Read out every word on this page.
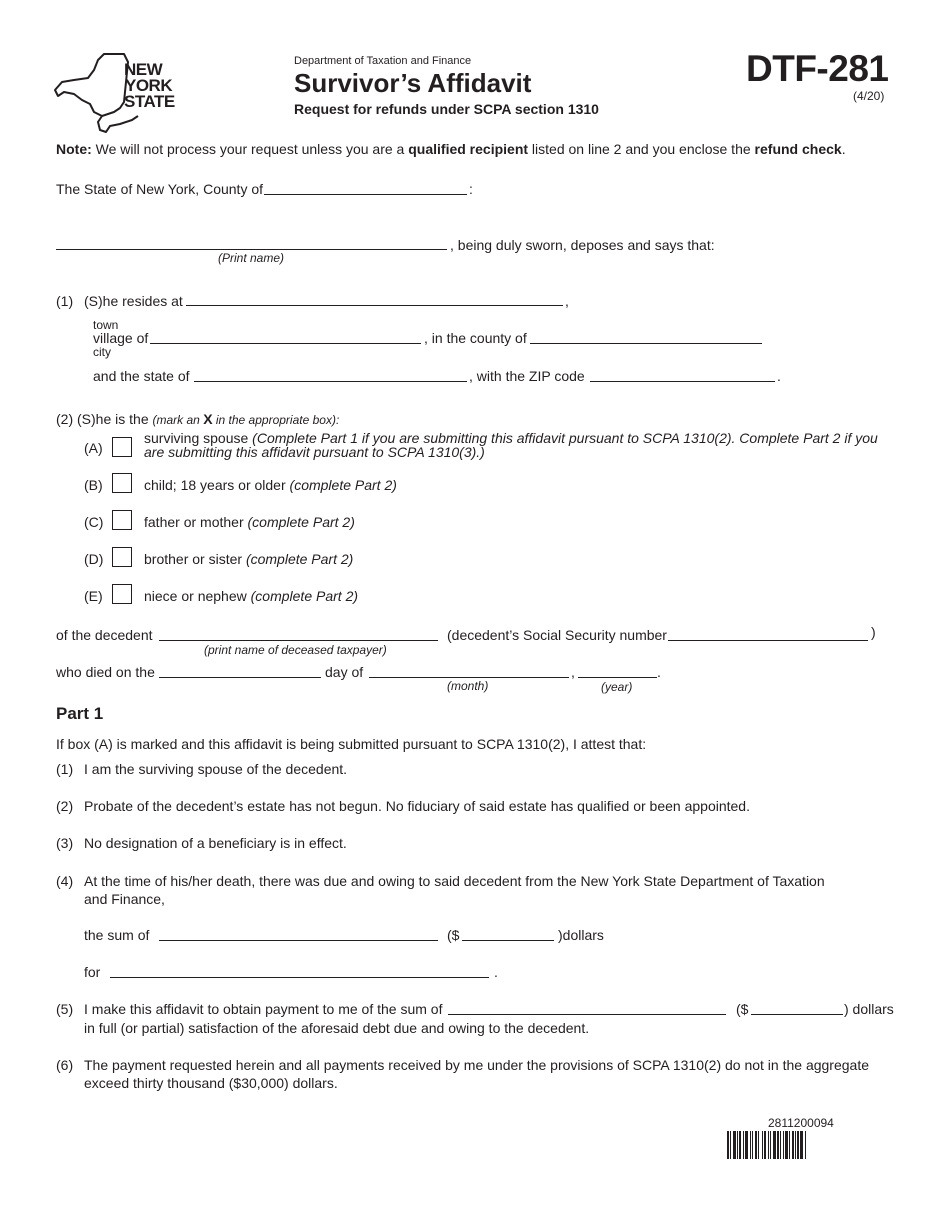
NEW
YORK
STATE
Department of Taxation and Finance
Survivor’s Affidavit
Request for refunds under SCPA section 1310
DTF-281
(4/20)
Note: We will not process your request unless you are a qualified recipient listed on line 2 and you enclose the refund check.
The State of New York, County of	:
, being duly sworn, deposes and says that:
(Print name)
(1) (S)he resides at	,
town
city
village of	, in the county of
and the state of	, with the ZIP code	.
(2) (S)he is the (mark an X in the appropriate box):
(A)
surviving spouse (Complete Part 1 if you are submitting this affidavit pursuant to SCPA 1310(2). Complete Part 2 if you
are submitting this affidavit pursuant to SCPA 1310(3).)
(B)	child; 18 years or older (complete Part 2)
(C)	father or mother (complete Part 2)
(D)	brother or sister (complete Part 2)
(E)	niece or nephew (complete Part 2)
of the decedent
(print name of deceased taxpayer)
(decedent’s Social Security number	)
who died on the	day of	,	.
(month)	(year)
Part 1
If box (A) is marked and this affidavit is being submitted pursuant to SCPA 1310(2), I attest that:
(1) I am the surviving spouse of the decedent.
(2) Probate of the decedent’s estate has not begun. No fiduciary of said estate has qualified or been appointed.
(3) No designation of a beneficiary is in effect.
(4) At the time of his/her death, there was due and owing to said decedent from the New York State Department of Taxation
and Finance,
the sum of	($	)dollars
for	.
(5) I make this affidavit to obtain payment to me of the sum of	($	) dollars
in full (or partial) satisfaction of the aforesaid debt due and owing to the decedent.
(6) The payment requested herein and all payments received by me under the provisions of SCPA 1310(2) do not in the aggregate
exceed thirty thousand ($30,000) dollars.
2811200094
